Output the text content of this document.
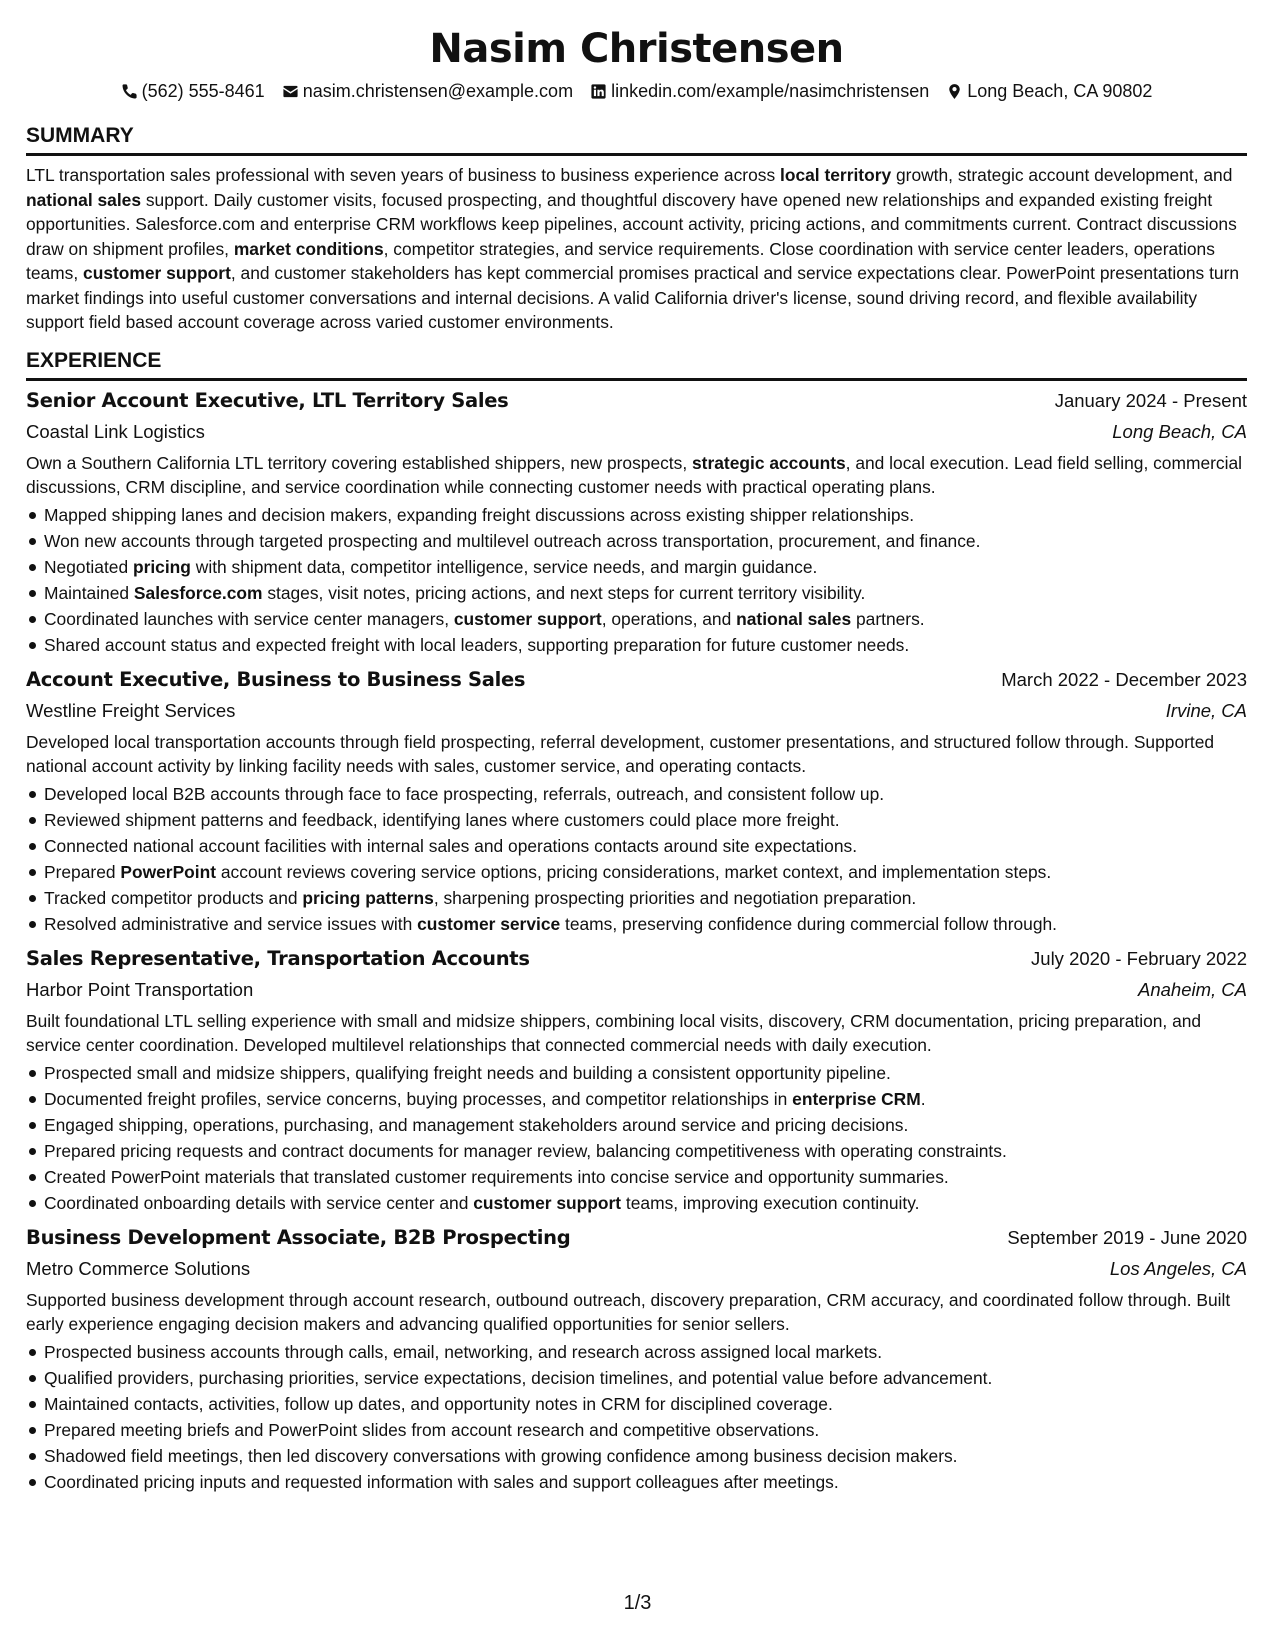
Nasim Christensen
(562) 555-8461 nasim.christensen@example.com linkedin.com/example/nasimchristensen Long Beach, CA 90802
SUMMARY

LTL transportation sales professional with seven years of business to business experience across local territory growth, strategic account development, and national sales support. Daily customer visits, focused prospecting, and thoughtful discovery have opened new relationships and expanded existing freight opportunities. Salesforce.com and enterprise CRM workflows keep pipelines, account activity, pricing actions, and commitments current. Contract discussions draw on shipment profiles, market conditions, competitor strategies, and service requirements. Close coordination with service center leaders, operations teams, customer support, and customer stakeholders has kept commercial promises practical and service expectations clear. PowerPoint presentations turn market findings into useful customer conversations and internal decisions. A valid California driver's license, sound driving record, and flexible availability support field based account coverage across varied customer environments.

EXPERIENCE
Senior Account Executive, LTL Territory Sales	January 2024 - Present
Coastal Link Logistics	Long Beach, CA

Own a Southern California LTL territory covering established shippers, new prospects, strategic accounts, and local execution. Lead field selling, commercial discussions, CRM discipline, and service coordination while connecting customer needs with practical operating plans.

Mapped shipping lanes and decision makers, expanding freight discussions across existing shipper relationships.
Won new accounts through targeted prospecting and multilevel outreach across transportation, procurement, and finance.
Negotiated pricing with shipment data, competitor intelligence, service needs, and margin guidance.
Maintained Salesforce.com stages, visit notes, pricing actions, and next steps for current territory visibility.
Coordinated launches with service center managers, customer support, operations, and national sales partners.
Shared account status and expected freight with local leaders, supporting preparation for future customer needs.
Account Executive, Business to Business Sales	March 2022 - December 2023
Westline Freight Services	Irvine, CA

Developed local transportation accounts through field prospecting, referral development, customer presentations, and structured follow through. Supported national account activity by linking facility needs with sales, customer service, and operating contacts.

Developed local B2B accounts through face to face prospecting, referrals, outreach, and consistent follow up.
Reviewed shipment patterns and feedback, identifying lanes where customers could place more freight.
Connected national account facilities with internal sales and operations contacts around site expectations.
Prepared PowerPoint account reviews covering service options, pricing considerations, market context, and implementation steps.
Tracked competitor products and pricing patterns, sharpening prospecting priorities and negotiation preparation.
Resolved administrative and service issues with customer service teams, preserving confidence during commercial follow through.
Sales Representative, Transportation Accounts	July 2020 - February 2022
Harbor Point Transportation	Anaheim, CA

Built foundational LTL selling experience with small and midsize shippers, combining local visits, discovery, CRM documentation, pricing preparation, and service center coordination. Developed multilevel relationships that connected commercial needs with daily execution.

Prospected small and midsize shippers, qualifying freight needs and building a consistent opportunity pipeline.
Documented freight profiles, service concerns, buying processes, and competitor relationships in enterprise CRM.
Engaged shipping, operations, purchasing, and management stakeholders around service and pricing decisions.
Prepared pricing requests and contract documents for manager review, balancing competitiveness with operating constraints.
Created PowerPoint materials that translated customer requirements into concise service and opportunity summaries.
Coordinated onboarding details with service center and customer support teams, improving execution continuity.
Business Development Associate, B2B Prospecting	September 2019 - June 2020
Metro Commerce Solutions	Los Angeles, CA

Supported business development through account research, outbound outreach, discovery preparation, CRM accuracy, and coordinated follow through. Built early experience engaging decision makers and advancing qualified opportunities for senior sellers.

Prospected business accounts through calls, email, networking, and research across assigned local markets.
Qualified providers, purchasing priorities, service expectations, decision timelines, and potential value before advancement.
Maintained contacts, activities, follow up dates, and opportunity notes in CRM for disciplined coverage.
Prepared meeting briefs and PowerPoint slides from account research and competitive observations.
Shadowed field meetings, then led discovery conversations with growing confidence among business decision makers.
Coordinated pricing inputs and requested information with sales and support colleagues after meetings.
1/3
